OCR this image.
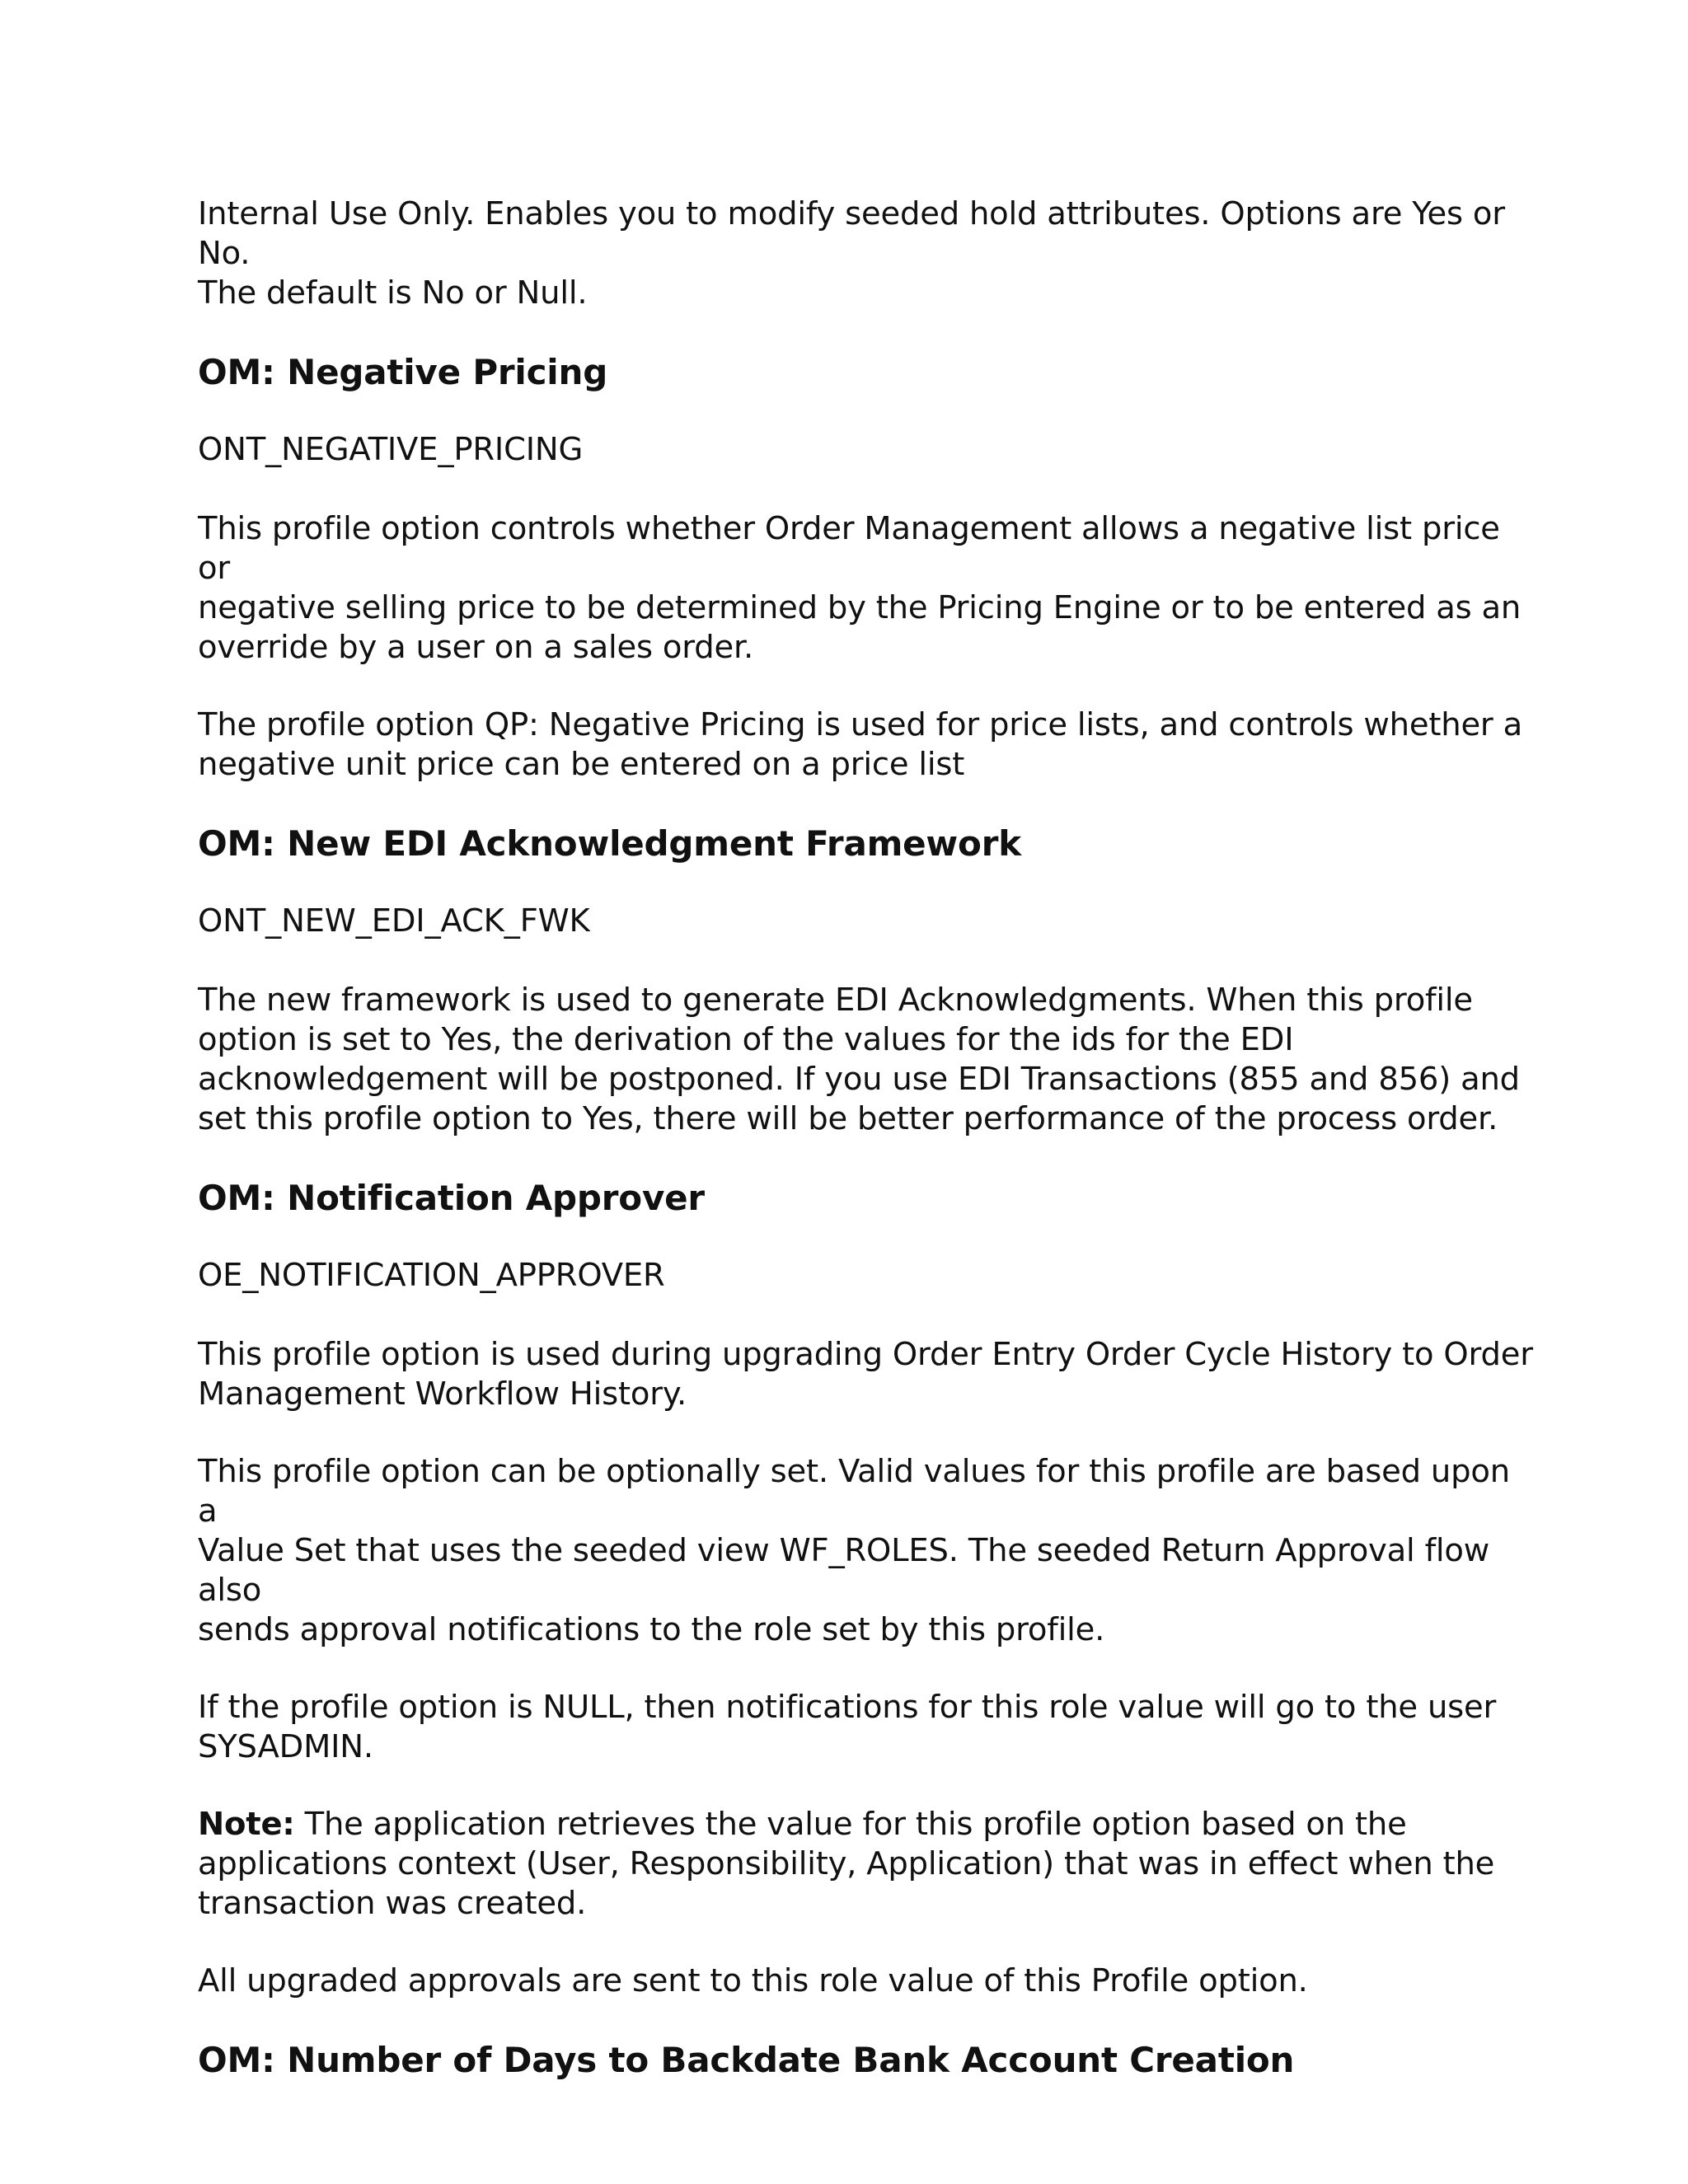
Internal Use Only. Enables you to modify seeded hold attributes. Options are Yes or No.
The default is No or Null.

OM: Negative Pricing

ONT_NEGATIVE_PRICING

This profile option controls whether Order Management allows a negative list price or
negative selling price to be determined by the Pricing Engine or to be entered as an
override by a user on a sales order.

The profile option QP: Negative Pricing is used for price lists, and controls whether a
negative unit price can be entered on a price list

OM: New EDI Acknowledgment Framework

ONT_NEW_EDI_ACK_FWK

The new framework is used to generate EDI Acknowledgments. When this profile
option is set to Yes, the derivation of the values for the ids for the EDI
acknowledgement will be postponed. If you use EDI Transactions (855 and 856) and
set this profile option to Yes, there will be better performance of the process order.

OM: Notification Approver

OE_NOTIFICATION_APPROVER

This profile option is used during upgrading Order Entry Order Cycle History to Order
Management Workflow History.

This profile option can be optionally set. Valid values for this profile are based upon a
Value Set that uses the seeded view WF_ROLES. The seeded Return Approval flow also
sends approval notifications to the role set by this profile.

If the profile option is NULL, then notifications for this role value will go to the user
SYSADMIN.

Note: The application retrieves the value for this profile option based on the
applications context (User, Responsibility, Application) that was in effect when the
transaction was created.

All upgraded approvals are sent to this role value of this Profile option.

OM: Number of Days to Backdate Bank Account Creation
